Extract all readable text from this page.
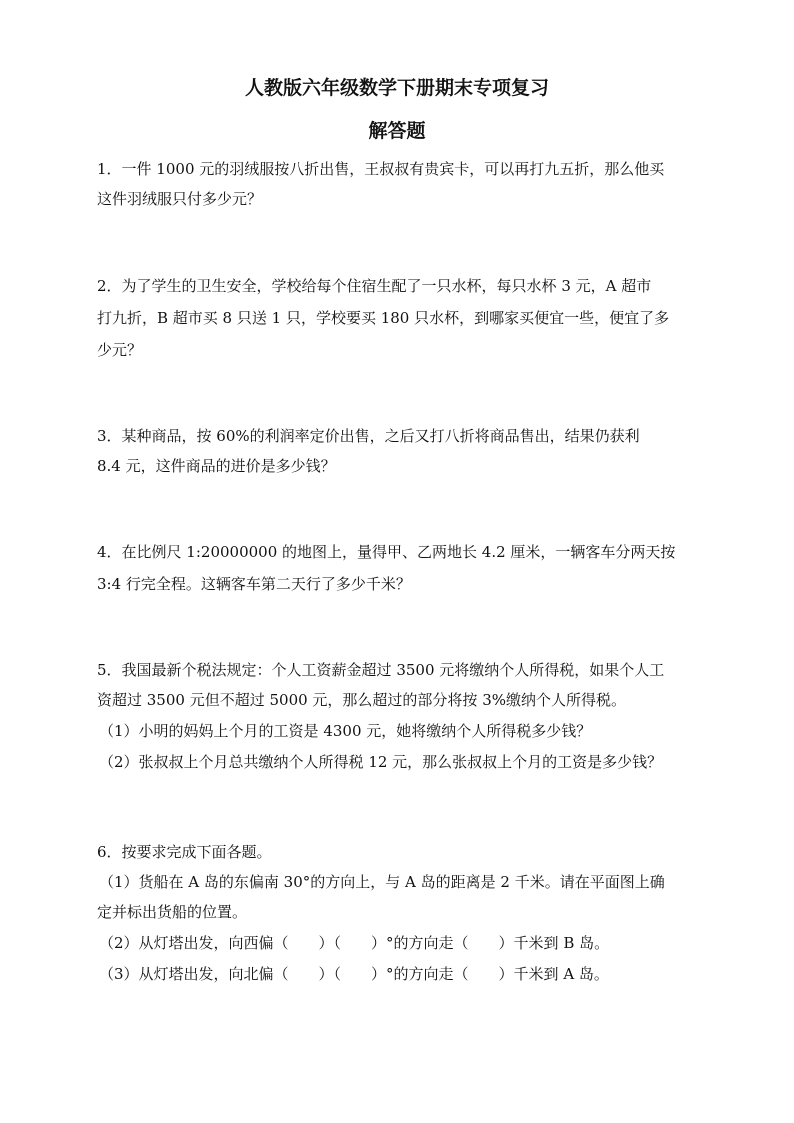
人教版六年级数学下册期末专项复习
解答题
1．一件 1000 元的羽绒服按八折出售，王叔叔有贵宾卡，可以再打九五折，那么他买
这件羽绒服只付多少元？
2．为了学生的卫生安全，学校给每个住宿生配了一只水杯，每只水杯 3 元，A 超市
打九折，B 超市买 8 只送 1 只，学校要买 180 只水杯，到哪家买便宜一些，便宜了多
少元？
3．某种商品，按 60%的利润率定价出售，之后又打八折将商品售出，结果仍获利
8.4 元，这件商品的进价是多少钱？
4．在比例尺 1:20000000 的地图上，量得甲、乙两地长 4.2 厘米，一辆客车分两天按
3:4 行完全程。这辆客车第二天行了多少千米？
5．我国最新个税法规定：个人工资薪金超过 3500 元将缴纳个人所得税，如果个人工
资超过 3500 元但不超过 5000 元，那么超过的部分将按 3%缴纳个人所得税。
（1）小明的妈妈上个月的工资是 4300 元，她将缴纳个人所得税多少钱？
（2）张叔叔上个月总共缴纳个人所得税 12 元，那么张叔叔上个月的工资是多少钱？
6．按要求完成下面各题。
（1）货船在 A 岛的东偏南 30°的方向上，与 A 岛的距离是 2 千米。请在平面图上确
定并标出货船的位置。
（2）从灯塔出发，向西偏（　　）（　　）°的方向走（　　）千米到 B 岛。
（3）从灯塔出发，向北偏（　　）（　　）°的方向走（　　）千米到 A 岛。
